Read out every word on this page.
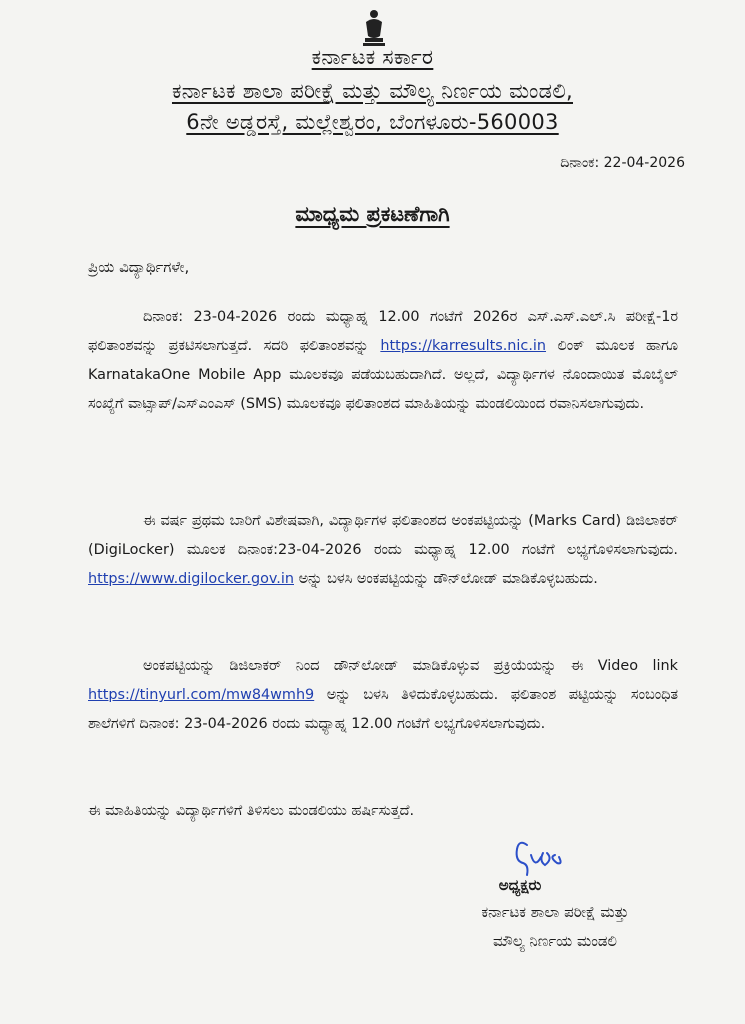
ಕರ್ನಾಟಕ ಸರ್ಕಾರ
ಕರ್ನಾಟಕ ಶಾಲಾ ಪರೀಕ್ಷೆ ಮತ್ತು ಮೌಲ್ಯ ನಿರ್ಣಯ ಮಂಡಲಿ,
6ನೇ ಅಡ್ಡರಸ್ತೆ, ಮಲ್ಲೇಶ್ವರಂ, ಬೆಂಗಳೂರು-560003
ದಿನಾಂಕ: 22-04-2026
ಮಾಧ್ಯಮ ಪ್ರಕಟಣೆಗಾಗಿ
ಪ್ರಿಯ ವಿದ್ಯಾರ್ಥಿಗಳೇ,
ದಿನಾಂಕ: 23-04-2026 ರಂದು ಮಧ್ಯಾಹ್ನ 12.00 ಗಂಟೆಗೆ 2026ರ ಎಸ್.ಎಸ್.ಎಲ್.ಸಿ ಪರೀಕ್ಷೆ-1ರ ಫಲಿತಾಂಶವನ್ನು ಪ್ರಕಟಿಸಲಾಗುತ್ತದೆ. ಸದರಿ ಫಲಿತಾಂಶವನ್ನು https://karresults.nic.in ಲಿಂಕ್ ಮೂಲಕ ಹಾಗೂ KarnatakaOne Mobile App ಮೂಲಕವೂ ಪಡೆಯಬಹುದಾಗಿದೆ. ಅಲ್ಲದೆ, ವಿದ್ಯಾರ್ಥಿಗಳ ನೊಂದಾಯಿತ ಮೊಬೈಲ್ ಸಂಖ್ಯೆಗೆ ವಾಟ್ಸಾಪ್/ಎಸ್‌ಎಂಎಸ್ (SMS) ಮೂಲಕವೂ ಫಲಿತಾಂಶದ ಮಾಹಿತಿಯನ್ನು ಮಂಡಲಿಯಿಂದ ರವಾನಿಸಲಾಗುವುದು.
ಈ ವರ್ಷ ಪ್ರಥಮ ಬಾರಿಗೆ ವಿಶೇಷವಾಗಿ, ವಿದ್ಯಾರ್ಥಿಗಳ ಫಲಿತಾಂಶದ ಅಂಕಪಟ್ಟಿಯನ್ನು (Marks Card) ಡಿಜಿಲಾಕರ್ (DigiLocker) ಮೂಲಕ ದಿನಾಂಕ:23-04-2026 ರಂದು ಮಧ್ಯಾಹ್ನ 12.00 ಗಂಟೆಗೆ ಲಭ್ಯಗೊಳಿಸಲಾಗುವುದು. https://www.digilocker.gov.in ಅನ್ನು ಬಳಸಿ ಅಂಕಪಟ್ಟಿಯನ್ನು ಡೌನ್‌ಲೋಡ್ ಮಾಡಿಕೊಳ್ಳಬಹುದು.
ಅಂಕಪಟ್ಟಿಯನ್ನು ಡಿಜಿಲಾಕರ್ ನಿಂದ ಡೌನ್‌ಲೋಡ್ ಮಾಡಿಕೊಳ್ಳುವ ಪ್ರಕ್ರಿಯೆಯನ್ನು ಈ Video link https://tinyurl.com/mw84wmh9 ಅನ್ನು ಬಳಸಿ ತಿಳಿದುಕೊಳ್ಳಬಹುದು. ಫಲಿತಾಂಶ ಪಟ್ಟಿಯನ್ನು ಸಂಬಂಧಿತ ಶಾಲೆಗಳಿಗೆ ದಿನಾಂಕ: 23-04-2026 ರಂದು ಮಧ್ಯಾಹ್ನ 12.00 ಗಂಟೆಗೆ ಲಭ್ಯಗೊಳಿಸಲಾಗುವುದು.
ಈ ಮಾಹಿತಿಯನ್ನು ವಿದ್ಯಾರ್ಥಿಗಳಿಗೆ ತಿಳಿಸಲು ಮಂಡಲಿಯು ಹರ್ಷಿಸುತ್ತದೆ.
ಅಧ್ಯಕ್ಷರು
ಕರ್ನಾಟಕ ಶಾಲಾ ಪರೀಕ್ಷೆ ಮತ್ತು
ಮೌಲ್ಯ ನಿರ್ಣಯ ಮಂಡಲಿ
